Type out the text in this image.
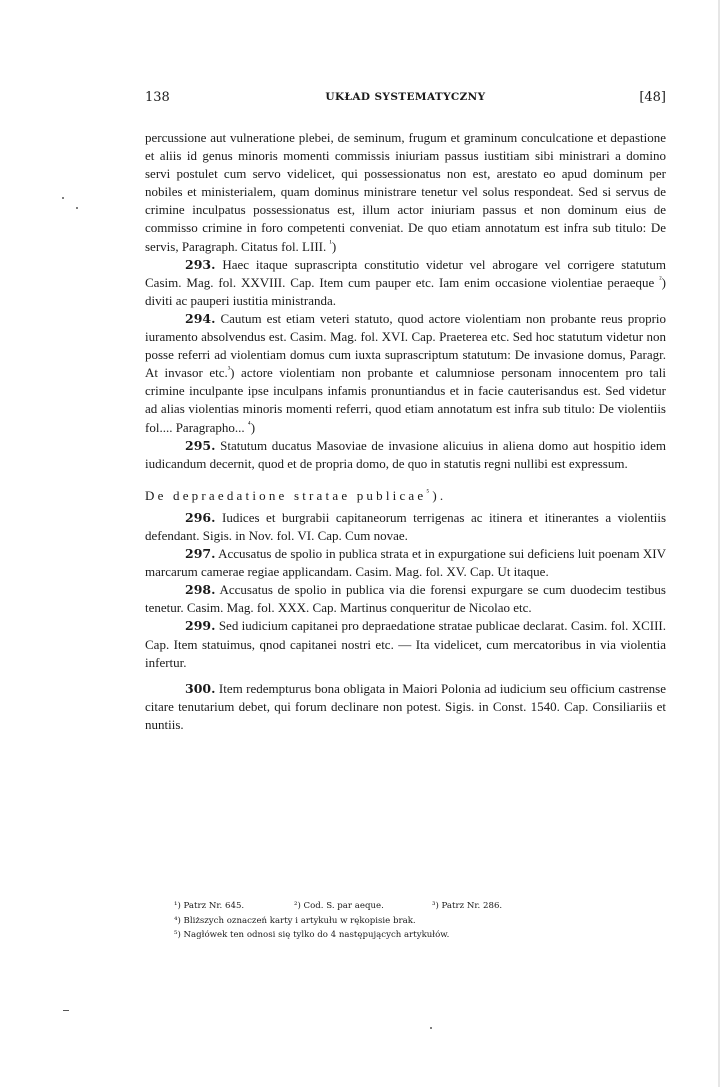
138	UKŁAD SYSTEMATYCZNY	[48]

percussione aut vulneratione plebei, de seminum, frugum et graminum conculcatione et depastione et aliis id genus minoris momenti commissis iniuriam passus iustitiam sibi ministrari a domino servi postulet cum servo videlicet, qui possessionatus non est, arestato eo apud dominum per nobiles et ministerialem, quam dominus ministrare tenetur vel solus respondeat. Sed si servus de crimine inculpatus possessionatus est, illum actor iniuriam passus et non dominum eius de commisso crimine in foro competenti conveniat. De quo etiam annotatum est infra sub titulo: De servis, Paragraph. Citatus fol. LIII. $^{^1}$)

293. Haec itaque suprascripta constitutio videtur vel abrogare vel corrigere statutum Casim. Mag. fol. XXVIII. Cap. Item cum pauper etc. Iam enim occasione violentiae peraeque $^{^2}$) diviti ac pauperi iustitia ministranda.

294. Cautum est etiam veteri statuto, quod actore violentiam non probante reus proprio iuramento absolvendus est. Casim. Mag. fol. XVI. Cap. Praeterea etc. Sed hoc statutum videtur non posse referri ad violentiam domus cum iuxta suprascriptum statutum: De invasione domus, Paragr. At invasor etc.$^{^3}$) actore violentiam non probante et calumniose personam innocentem pro tali crimine inculpante ipse inculpans infamis pronuntiandus et in facie cauterisandus est. Sed videtur ad alias violentias minoris momenti referri, quod etiam annotatum est infra sub titulo: De violentiis fol.... Paragrapho... $^{^4}$)

295. Statutum ducatus Masoviae de invasione alicuius in aliena domo aut hospitio idem iudicandum decernit, quod et de propria domo, de quo in statutis regni nullibi est expressum.

De depraedatione stratae publicae$^{^5}$).

296. Iudices et burgrabii capitaneorum terrigenas ac itinera et itinerantes a violentiis defendant. Sigis. in Nov. fol. VI. Cap. Cum novae.

297. Accusatus de spolio in publica strata et in expurgatione sui deficiens luit poenam XIV marcarum camerae regiae applicandam. Casim. Mag. fol. XV. Cap. Ut itaque.

298. Accusatus de spolio in publica via die forensi expurgare se cum duodecim testibus tenetur. Casim. Mag. fol. XXX. Cap. Martinus conqueritur de Nicolao etc.

299. Sed iudicium capitanei pro depraedatione stratae publicae declarat. Casim. fol. XCIII. Cap. Item statuimus, qnod capitanei nostri etc. — Ita videlicet, cum mercatoribus in via violentia infertur.

300. Item redempturus bona obligata in Maiori Polonia ad iudicium seu officium castrense citare tenutarium debet, qui forum declinare non potest. Sigis. in Const. 1540. Cap. Consiliariis et nuntiis.

¹) Patrz Nr. 645.	²) Cod. S. par aeque.	³) Patrz Nr. 286.
⁴) Bliższych oznaczeń karty i artykułu w rękopisie brak.
⁵) Nagłówek ten odnosi się tylko do 4 następujących artykułów.
